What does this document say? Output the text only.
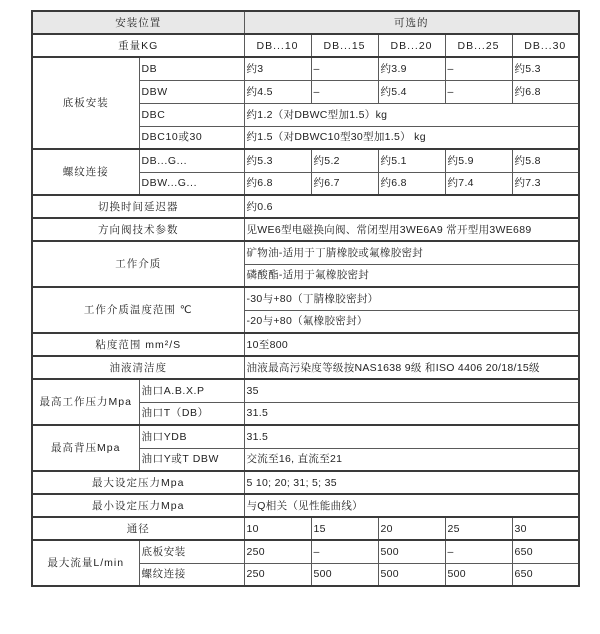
安装位置		可选的				
重量KG		DB...10	DB...15	DB...20	DB...25	DB...30
底板安装	DB	约3	–	约3.9	–	约5.3
	DBW	约4.5	–	约5.4	–	约6.8
	DBC	约1.2（对DBWC型加1.5）kg				
	DBC10或30	约1.5（对DBWC10型30型加1.5） kg				
螺纹连接	DB...G...	约5.3	约5.2	约5.1	约5.9	约5.8
	DBW...G...	约6.8	约6.7	约6.8	约7.4	约7.3
切换时间延迟器		约0.6				
方向阀技术参数		见WE6型电磁换向阀、常闭型用3WE6A9 常开型用3WE689				
工作介质		矿物油-适用于丁腈橡胶或氟橡胶密封				
		磷酸酯-适用于氟橡胶密封				
工作介质温度范围 ℃		-30与+80（丁腈橡胶密封）				
		-20与+80（氟橡胶密封）				
粘度范围 mm²/S		10至800				
油液清洁度		油液最高污染度等级按NAS1638 9级 和ISO 4406 20/18/15级				
最高工作压力Mpa	油口A.B.X.P	35				
	油口T（DB）	31.5				
最高背压Mpa	油口YDB	31.5				
	油口Y或T DBW	交流至16, 直流至21				
最大设定压力Mpa		5 10; 20; 31; 5; 35				
最小设定压力Mpa		与Q相关（见性能曲线）				
通径		10	15	20	25	30
最大流量L/min	底板安装	250	–	500	–	650
	螺纹连接	250	500	500	500	650
